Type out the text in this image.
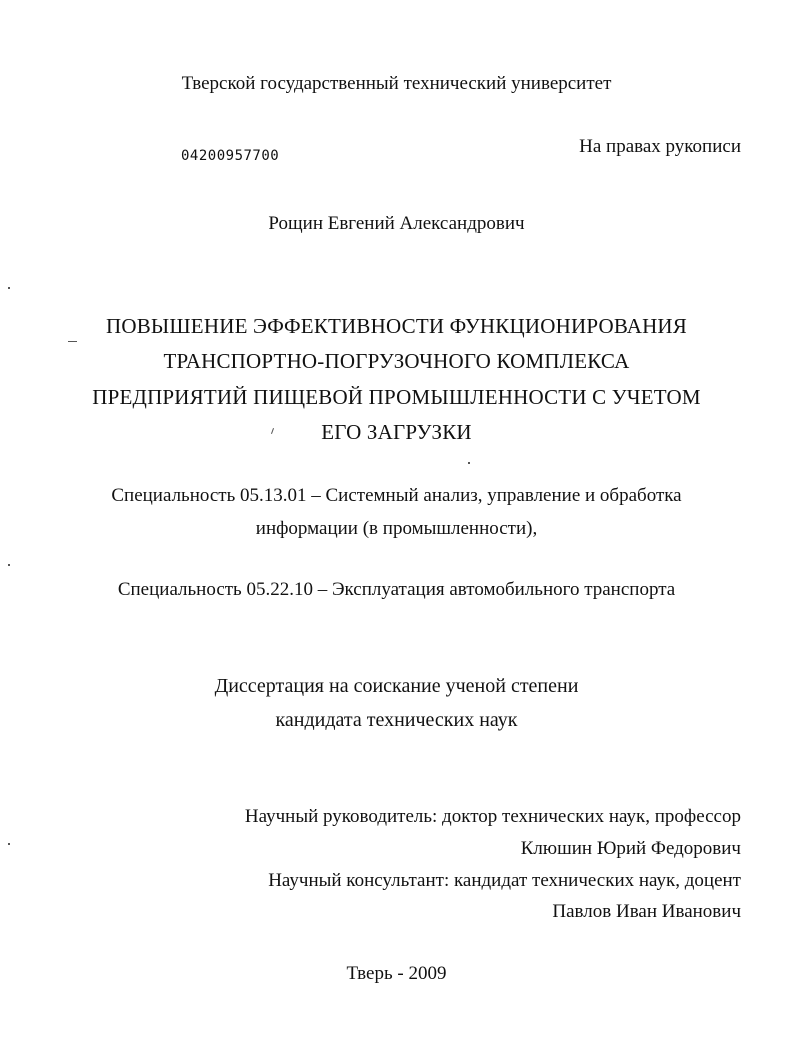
Тверской государственный технический университет
04200957700	На правах рукописи
Рощин Евгений Александрович
ПОВЫШЕНИЕ ЭФФЕКТИВНОСТИ ФУНКЦИОНИРОВАНИЯ
ТРАНСПОРТНО-ПОГРУЗОЧНОГО КОМПЛЕКСА
ПРЕДПРИЯТИЙ ПИЩЕВОЙ ПРОМЫШЛЕННОСТИ С УЧЕТОМ
ЕГО ЗАГРУЗКИ
Специальность 05.13.01 – Системный анализ, управление и обработка
информации (в промышленности),
Специальность 05.22.10 – Эксплуатация автомобильного транспорта
Диссертация на соискание ученой степени
кандидата технических наук
Научный руководитель: доктор технических наук, профессор
Клюшин Юрий Федорович
Научный консультант: кандидат технических наук, доцент
Павлов Иван Иванович
Тверь - 2009
